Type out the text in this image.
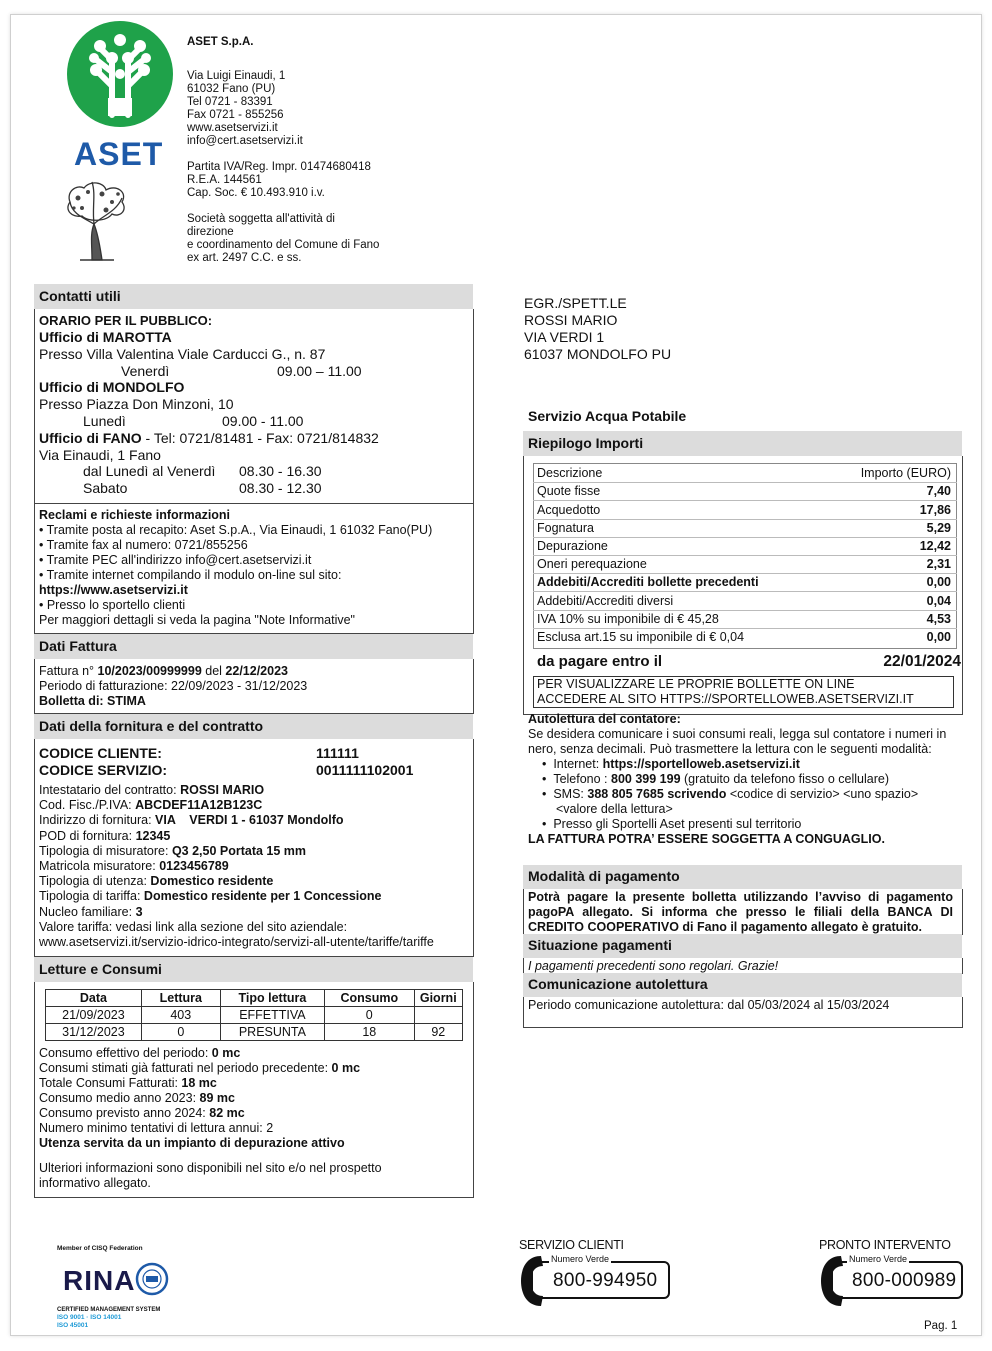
ASET

ASET S.p.A.

Via Luigi Einaudi, 1

61032 Fano (PU)

Tel 0721 - 83391

Fax 0721 - 855256

www.asetservizi.it

info@cert.asetservizi.it

Partita IVA/Reg. Impr. 01474680418

R.E.A. 144561

Cap. Soc. € 10.493.910 i.v.

Società soggetta all'attività di

direzione

e coordinamento del Comune di Fano

ex art. 2497 C.C. e ss.

EGR./SPETT.LE

ROSSI MARIO

VIA VERDI 1

61037 MONDOLFO PU

Contatti utili

ORARIO PER IL PUBBLICO:

Ufficio di MAROTTA

Presso Villa Valentina Viale Carducci G., n. 87

Venerdì	09.00 – 11.00

Ufficio di MONDOLFO

Presso Piazza Don Minzoni, 10

Lunedì	09.00 - 11.00

Ufficio di FANO - Tel: 0721/81481 - Fax: 0721/814832

Via Einaudi, 1 Fano

dal Lunedì al Venerdì 08.30 - 16.30

Sabato	08.30 - 12.30

Reclami e richieste informazioni

• Tramite posta al recapito: Aset S.p.A., Via Einaudi, 1 61032 Fano(PU)

• Tramite fax al numero: 0721/855256

• Tramite PEC all'indirizzo info@cert.asetservizi.it

• Tramite internet compilando il modulo on-line sul sito:

https://www.asetservizi.it

• Presso lo sportello clienti

Per maggiori dettagli si veda la pagina "Note Informative"

Dati Fattura

Fattura n° 10/2023/00999999 del 22/12/2023

Periodo di fatturazione: 22/09/2023 - 31/12/2023

Bolletta di: STIMA

Dati della fornitura e del contratto

CODICE CLIENTE:	111111

CODICE SERVIZIO:	0011111102001

Intestatario del contratto: ROSSI MARIO

Cod. Fisc./P.IVA: ABCDEF11A12B123C

Indirizzo di fornitura: VIA    VERDI 1 - 61037 Mondolfo

POD di fornitura: 12345

Tipologia di misuratore: Q3 2,50 Portata 15 mm

Matricola misuratore: 0123456789

Tipologia di utenza: Domestico residente

Tipologia di tariffa: Domestico residente per 1 Concessione

Nucleo familiare: 3

Valore tariffa: vedasi link alla sezione del sito aziendale:

www.asetservizi.it/servizio-idrico-integrato/servizi-all-utente/tariffe/tariffe

Letture e Consumi
Data	Lettura	Tipo lettura	Consumo	Giorni
21/09/2023	403	EFFETTIVA	0	
31/12/2023	0	PRESUNTA	18	92

Consumo effettivo del periodo: 0 mc

Consumi stimati già fatturati nel periodo precedente: 0 mc

Totale Consumi Fatturati: 18 mc

Consumo medio anno 2023: 89 mc

Consumo previsto anno 2024: 82 mc

Numero minimo tentativi di lettura annui: 2

Utenza servita da un impianto di depurazione attivo

Ulteriori informazioni sono disponibili nel sito e/o nel prospetto informativo allegato.

Servizio Acqua Potabile
Riepilogo Importi
Descrizione	Importo (EURO)
Quote fisse	7,40
Acquedotto	17,86
Fognatura	5,29
Depurazione	12,42
Oneri perequazione	2,31
Addebiti/Accrediti bollette precedenti	0,00
Addebiti/Accrediti diversi	0,04
IVA 10% su imponibile di € 45,28	4,53
Esclusa art.15 su imponibile di € 0,04	0,00
da pagare entro il	22/01/2024

PER VISUALIZZARE LE PROPRIE BOLLETTE ON LINE

ACCEDERE AL SITO HTTPS://SPORTELLOWEB.ASETSERVIZI.IT

Autolettura del contatore:

Se desidera comunicare i suoi consumi reali, legga sul contatore i numeri in nero, senza decimali. Può trasmettere la lettura con le seguenti modalità:

•  Internet: https://sportelloweb.asetservizi.it

•  Telefono : 800 399 199 (gratuito da telefono fisso o cellulare)

•  SMS: 388 805 7685 scrivendo <codice di servizio> <uno spazio>

<valore della lettura>

•  Presso gli Sportelli Aset presenti sul territorio

LA FATTURA POTRA’ ESSERE SOGGETTA A CONGUAGLIO.

Modalità di pagamento

Potrà pagare la presente bolletta utilizzando l’avviso di pagamento pagoPA allegato. Si informa che presso le filiali della BANCA DI CREDITO COOPERATIVO di Fano il pagamento allegato è gratuito.

Situazione pagamenti

I pagamenti precedenti sono regolari. Grazie!

Comunicazione autolettura

Periodo comunicazione autolettura: dal 05/03/2024 al 15/03/2024

Member of CISQ Federation
RINA
CERTIFIED MANAGEMENT SYSTEM
ISO 9001 · ISO 14001
ISO 45001
SERVIZIO CLIENTI
Numero Verde
800-994950
PRONTO INTERVENTO
Numero Verde
800-000989
Pag. 1
